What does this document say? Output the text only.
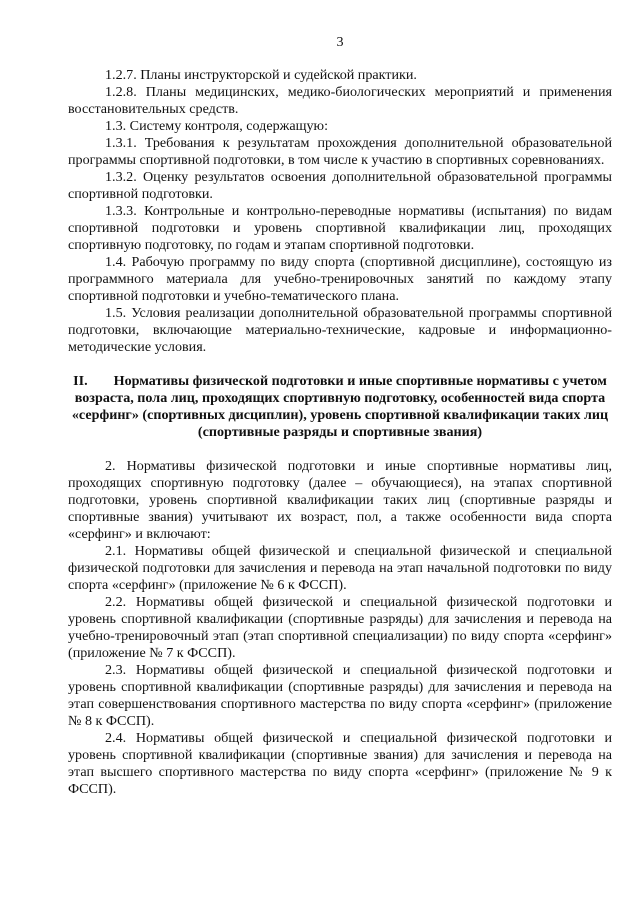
3

1.2.7. Планы инструкторской и судейской практики.

1.2.8. Планы медицинских, медико-биологических мероприятий и применения восстановительных средств.

1.3. Систему контроля, содержащую:

1.3.1. Требования к результатам прохождения дополнительной образовательной программы спортивной подготовки, в том числе к участию в спортивных соревнованиях.

1.3.2. Оценку результатов освоения дополнительной образовательной программы спортивной подготовки.

1.3.3. Контрольные и контрольно-переводные нормативы (испытания) по видам спортивной подготовки и уровень спортивной квалификации лиц, проходящих спортивную подготовку, по годам и этапам спортивной подготовки.

1.4. Рабочую программу по виду спорта (спортивной дисциплине), состоящую из программного материала для учебно-тренировочных занятий по каждому этапу спортивной подготовки и учебно-тематического плана.

1.5. Условия реализации дополнительной образовательной программы спортивной подготовки, включающие материально-технические, кадровые и информационно-методические условия.

II. Нормативы физической подготовки и иные спортивные нормативы с учетом возраста, пола лиц, проходящих спортивную подготовку, особенностей вида спорта «серфинг» (спортивных дисциплин), уровень спортивной квалификации таких лиц (спортивные разряды и спортивные звания)

2. Нормативы физической подготовки и иные спортивные нормативы лиц, проходящих спортивную подготовку (далее – обучающиеся), на этапах спортивной подготовки, уровень спортивной квалификации таких лиц (спортивные разряды и спортивные звания) учитывают их возраст, пол, а также особенности вида спорта «серфинг» и включают:

2.1. Нормативы общей физической и специальной физической и специальной физической подготовки для зачисления и перевода на этап начальной подготовки по виду спорта «серфинг» (приложение № 6 к ФССП).

2.2. Нормативы общей физической и специальной физической подготовки и уровень спортивной квалификации (спортивные разряды) для зачисления и перевода на учебно-тренировочный этап (этап спортивной специализации) по виду спорта «серфинг» (приложение № 7 к ФССП).

2.3. Нормативы общей физической и специальной физической подготовки и уровень спортивной квалификации (спортивные разряды) для зачисления и перевода на этап совершенствования спортивного мастерства по виду спорта «серфинг» (приложение № 8 к ФССП).

2.4. Нормативы общей физической и специальной физической подготовки и уровень спортивной квалификации (спортивные звания) для зачисления и перевода на этап высшего спортивного мастерства по виду спорта «серфинг» (приложение № 9 к ФССП).
